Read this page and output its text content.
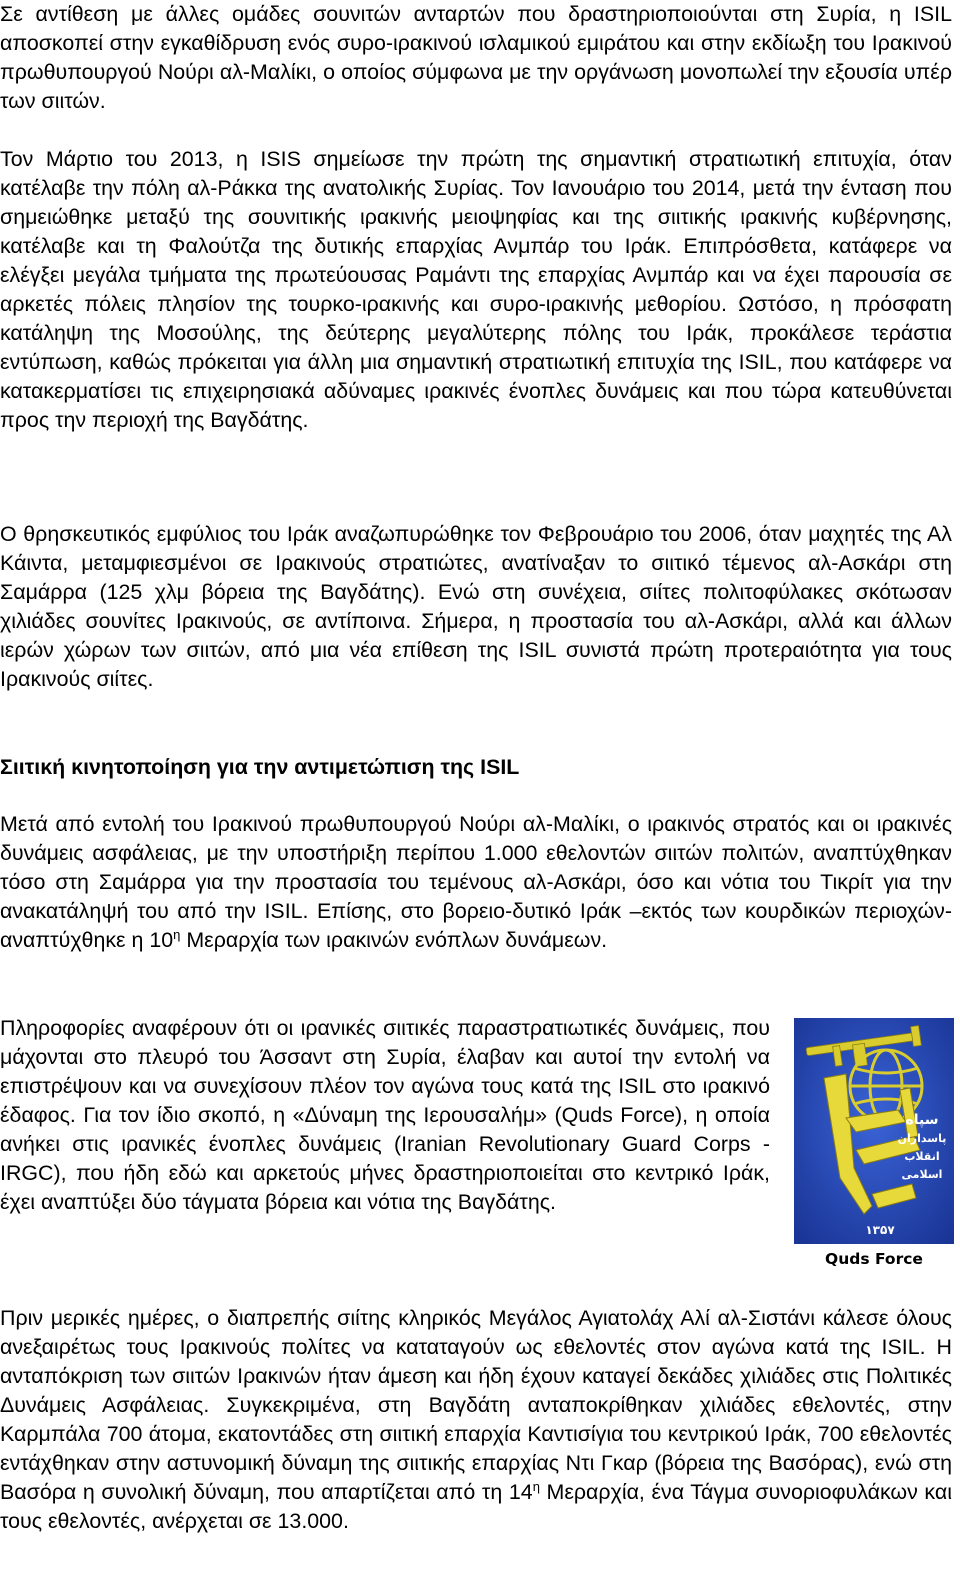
Σε αντίθεση με άλλες ομάδες σουνιτών ανταρτών που δραστηριοποιούνται στη Συρία, η ISIL αποσκοπεί στην εγκαθίδρυση ενός συρο-ιρακινού ισλαμικού εμιράτου και στην εκδίωξη του Ιρακινού πρωθυπουργού Νούρι αλ-Μαλίκι, ο οποίος σύμφωνα με την οργάνωση μονοπωλεί την εξουσία υπέρ των σιιτών.

Τον Μάρτιο του 2013, η ISIS σημείωσε την πρώτη της σημαντική στρατιωτική επιτυχία, όταν κατέλαβε την πόλη αλ-Ράκκα της ανατολικής Συρίας. Τον Ιανουάριο του 2014, μετά την ένταση που σημειώθηκε μεταξύ της σουνιτικής ιρακινής μειοψηφίας και της σιιτικής ιρακινής κυβέρνησης, κατέλαβε και τη Φαλούτζα της δυτικής επαρχίας Ανμπάρ του Ιράκ. Επιπρόσθετα, κατάφερε να ελέγξει μεγάλα τμήματα της πρωτεύουσας Ραμάντι της επαρχίας Ανμπάρ και να έχει παρουσία σε αρκετές πόλεις πλησίον της τουρκο-ιρακινής και συρο-ιρακινής μεθορίου. Ωστόσο, η πρόσφατη κατάληψη της Μοσούλης, της δεύτερης μεγαλύτερης πόλης του Ιράκ, προκάλεσε τεράστια εντύπωση, καθώς πρόκειται για άλλη μια σημαντική στρατιωτική επιτυχία της ISIL, που κατάφερε να κατακερματίσει τις επιχειρησιακά αδύναμες ιρακινές ένοπλες δυνάμεις και που τώρα κατευθύνεται προς την περιοχή της Βαγδάτης.

Ο θρησκευτικός εμφύλιος του Ιράκ αναζωπυρώθηκε τον Φεβρουάριο του 2006, όταν μαχητές της Αλ Κάιντα, μεταμφιεσμένοι σε Ιρακινούς στρατιώτες, ανατίναξαν το σιιτικό τέμενος αλ-Ασκάρι στη Σαμάρρα (125 χλμ βόρεια της Βαγδάτης). Ενώ στη συνέχεια, σιίτες πολιτοφύλακες σκότωσαν χιλιάδες σουνίτες Ιρακινούς, σε αντίποινα. Σήμερα, η προστασία του αλ-Ασκάρι, αλλά και άλλων ιερών χώρων των σιιτών, από μια νέα επίθεση της ISIL συνιστά πρώτη προτεραιότητα για τους Ιρακινούς σιίτες.

Σιιτική κινητοποίηση για την αντιμετώπιση της ISIL

Μετά από εντολή του Ιρακινού πρωθυπουργού Νούρι αλ-Μαλίκι, ο ιρακινός στρατός και οι ιρακινές δυνάμεις ασφάλειας, με την υποστήριξη περίπου 1.000 εθελοντών σιιτών πολιτών, αναπτύχθηκαν τόσο στη Σαμάρρα για την προστασία του τεμένους αλ-Ασκάρι, όσο και νότια του Τικρίτ για την ανακατάληψή του από την ISIL. Επίσης, στο βορειο-δυτικό Ιράκ –εκτός των κουρδικών περιοχών- αναπτύχθηκε η $10^\eta$ Μεραρχία των ιρακινών ενόπλων δυνάμεων.

Πληροφορίες αναφέρουν ότι οι ιρανικές σιιτικές παραστρατιωτικές δυνάμεις, που μάχονται στο πλευρό του Άσσαντ στη Συρία, έλαβαν και αυτοί την εντολή να επιστρέψουν και να συνεχίσουν πλέον τον αγώνα τους κατά της ISIL στο ιρακινό έδαφος. Για τον ίδιο σκοπό, η «Δύναμη της Ιερουσαλήμ» (Quds Force), η οποία ανήκει στις ιρανικές ένοπλες δυνάμεις (Iranian Revolutionary Guard Corps - IRGC), που ήδη εδώ και αρκετούς μήνες δραστηριοποιείται στο κεντρικό Ιράκ, έχει αναπτύξει δύο τάγματα βόρεια και νότια της Βαγδάτης.

سپاه
پاسداران
انقلاب
اسلامی
۱۳۵۷
Quds Force

Πριν μερικές ημέρες, ο διαπρεπής σιίτης κληρικός Μεγάλος Αγιατολάχ Αλί αλ-Σιστάνι κάλεσε όλους ανεξαιρέτως τους Ιρακινούς πολίτες να καταταγούν ως εθελοντές στον αγώνα κατά της ISIL. Η ανταπόκριση των σιιτών Ιρακινών ήταν άμεση και ήδη έχουν καταγεί δεκάδες χιλιάδες στις Πολιτικές Δυνάμεις Ασφάλειας. Συγκεκριμένα, στη Βαγδάτη ανταποκρίθηκαν χιλιάδες εθελοντές, στην Καρμπάλα 700 άτομα, εκατοντάδες στη σιιτική επαρχία Καντισίγια του κεντρικού Ιράκ, 700 εθελοντές εντάχθηκαν στην αστυνομική δύναμη της σιιτικής επαρχίας Ντι Γκαρ (βόρεια της Βασόρας), ενώ στη Βασόρα η συνολική δύναμη, που απαρτίζεται από τη $14^\eta$ Μεραρχία, ένα Τάγμα συνοριοφυλάκων και τους εθελοντές, ανέρχεται σε 13.000.
